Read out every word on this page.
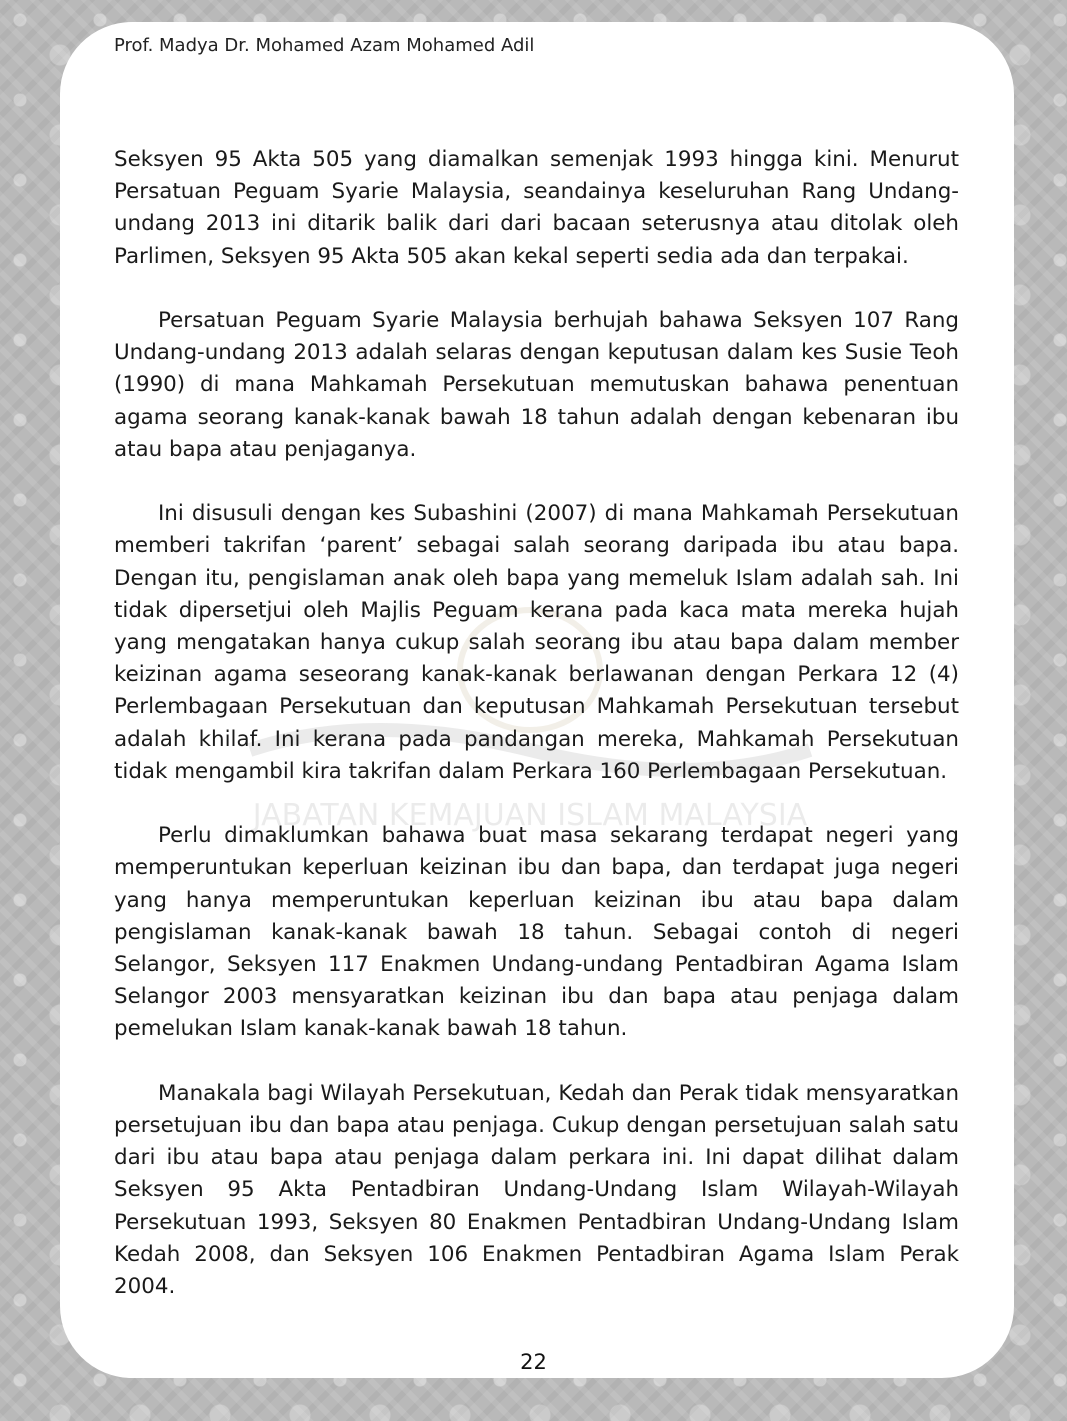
Prof. Madya Dr. Mohamed Azam Mohamed Adil

Seksyen 95 Akta 505 yang diamalkan semenjak 1993 hingga kini. Menurut Persatuan Peguam Syarie Malaysia, seandainya keseluruhan Rang Undang-undang 2013 ini ditarik balik dari dari bacaan seterusnya atau ditolak oleh Parlimen, Seksyen 95 Akta 505 akan kekal seperti sedia ada dan terpakai.

Persatuan Peguam Syarie Malaysia berhujah bahawa Seksyen 107 Rang Undang-undang 2013 adalah selaras dengan keputusan dalam kes Susie Teoh (1990) di mana Mahkamah Persekutuan memutuskan bahawa penentuan agama seorang kanak-kanak bawah 18 tahun adalah dengan kebenaran ibu atau bapa atau penjaganya.

Ini disusuli dengan kes Subashini (2007) di mana Mahkamah Persekutuan memberi takrifan ‘parent’ sebagai salah seorang daripada ibu atau bapa. Dengan itu, pengislaman anak oleh bapa yang memeluk Islam adalah sah. Ini tidak dipersetjui oleh Majlis Peguam kerana pada kaca mata mereka hujah yang mengatakan hanya cukup salah seorang ibu atau bapa dalam member keizinan agama seseorang kanak-kanak berlawanan dengan Perkara 12 (4) Perlembagaan Persekutuan dan keputusan Mahkamah Persekutuan tersebut adalah khilaf. Ini kerana pada pandangan mereka, Mahkamah Persekutuan tidak mengambil kira takrifan dalam Perkara 160 Perlembagaan Persekutuan.

Perlu dimaklumkan bahawa buat masa sekarang terdapat negeri yang memperuntukan keperluan keizinan ibu dan bapa, dan terdapat juga negeri yang hanya memperuntukan keperluan keizinan ibu atau bapa dalam pengislaman kanak-kanak bawah 18 tahun. Sebagai contoh di negeri Selangor, Seksyen 117 Enakmen Undang-undang Pentadbiran Agama Islam Selangor 2003 mensyaratkan keizinan ibu dan bapa atau penjaga dalam pemelukan Islam kanak-kanak bawah 18 tahun.

Manakala bagi Wilayah Persekutuan, Kedah dan Perak tidak mensyaratkan persetujuan ibu dan bapa atau penjaga. Cukup dengan persetujuan salah satu dari ibu atau bapa atau penjaga dalam perkara ini. Ini dapat dilihat dalam Seksyen 95 Akta Pentadbiran Undang-Undang Islam Wilayah-Wilayah Persekutuan 1993, Seksyen 80 Enakmen Pentadbiran Undang-Undang Islam Kedah 2008, dan Seksyen 106 Enakmen Pentadbiran Agama Islam Perak 2004.

22
